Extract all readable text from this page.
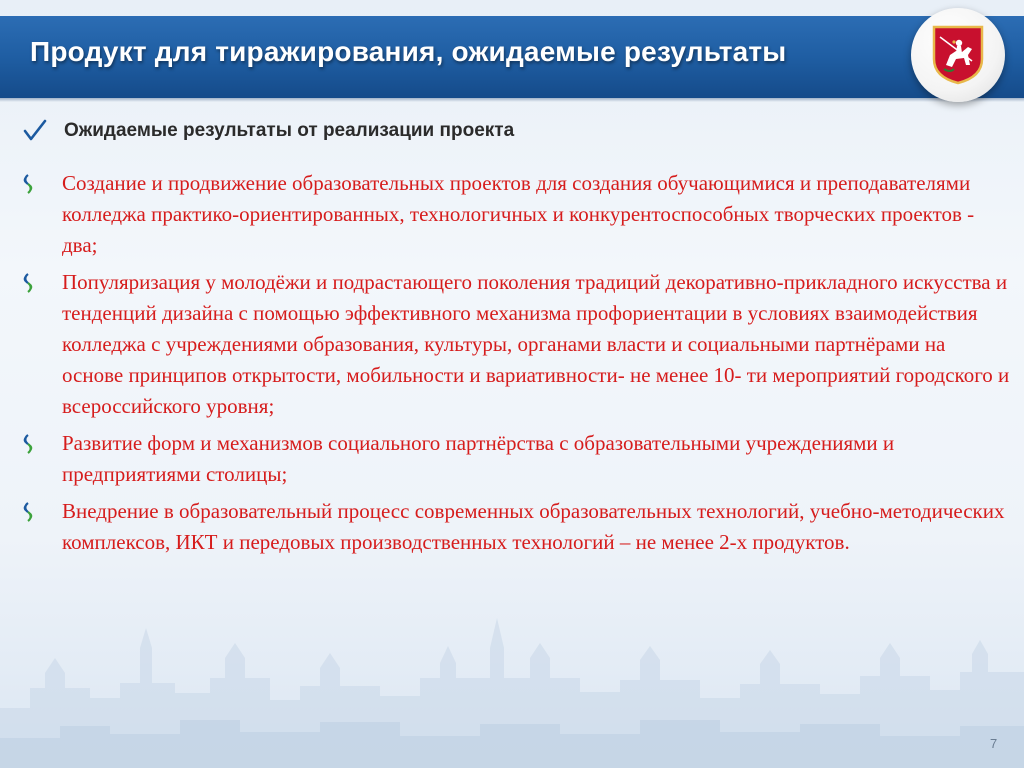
Продукт для тиражирования, ожидаемые результаты
Ожидаемые результаты от реализации проекта
Создание и продвижение образовательных проектов для создания обучающимися и преподавателями колледжа практико-ориентированных, технологичных и конкурентоспособных творческих проектов - два;
Популяризация у молодёжи и подрастающего поколения традиций декоративно-прикладного искусства и тенденций дизайна с помощью эффективного механизма профориентации в условиях взаимодействия колледжа с учреждениями образования, культуры, органами власти и социальными партнёрами на основе принципов открытости, мобильности и вариативности- не менее 10- ти мероприятий городского и всероссийского уровня;
Развитие форм и механизмов социального партнёрства с образовательными учреждениями и предприятиями столицы;
Внедрение в образовательный процесс современных образовательных технологий, учебно-методических комплексов, ИКТ и передовых производственных технологий – не менее 2-х продуктов.
7
